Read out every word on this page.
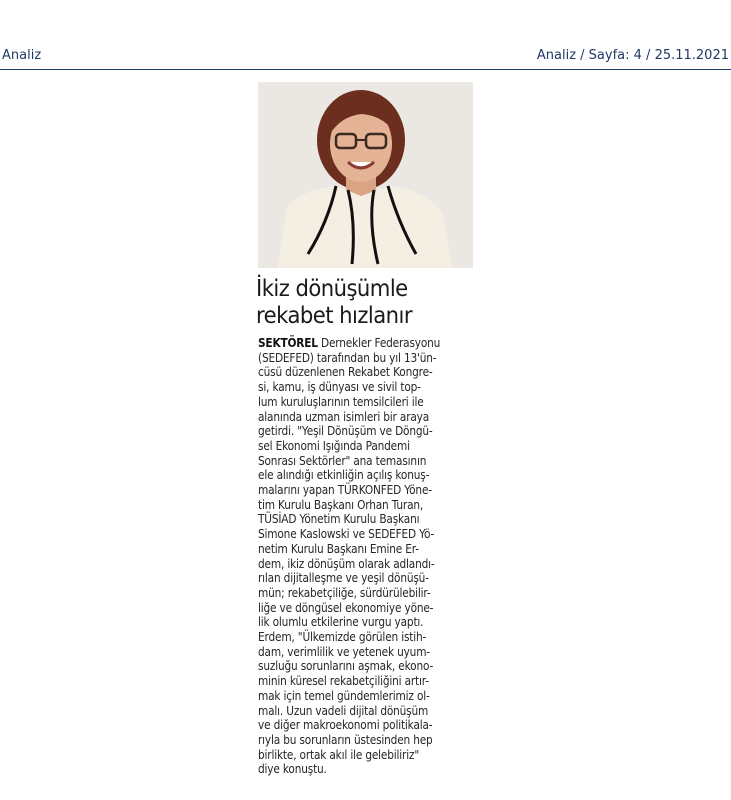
Analiz	Analiz / Sayfa: 4 / 25.11.2021
İkiz dönüşümle
rekabet hızlanır
SEKTÖREL Dernekler Federasyonu
(SEDEFED) tarafından bu yıl 13'ün-
cüsü düzenlenen Rekabet Kongre-
si, kamu, iş dünyası ve sivil top-
lum kuruluşlarının temsilcileri ile
alanında uzman isimleri bir araya
getirdi. "Yeşil Dönüşüm ve Döngü-
sel Ekonomi Işığında Pandemi
Sonrası Sektörler" ana temasının
ele alındığı etkinliğin açılış konuş-
malarını yapan TÜRKONFED Yöne-
tim Kurulu Başkanı Orhan Turan,
TÜSİAD Yönetim Kurulu Başkanı
Simone Kaslowski ve SEDEFED Yö-
netim Kurulu Başkanı Emine Er-
dem, ikiz dönüşüm olarak adlandı-
rılan dijitalleşme ve yeşil dönüşü-
mün; rekabetçiliğe, sürdürülebilir-
liğe ve döngüsel ekonomiye yöne-
lik olumlu etkilerine vurgu yaptı.
Erdem, "Ülkemizde görülen istih-
dam, verimlilik ve yetenek uyum-
suzluğu sorunlarını aşmak, ekono-
minin küresel rekabetçiliğini artır-
mak için temel gündemlerimiz ol-
malı. Uzun vadeli dijital dönüşüm
ve diğer makroekonomi politikala-
rıyla bu sorunların üstesinden hep
birlikte, ortak akıl ile gelebiliriz"
diye konuştu.
